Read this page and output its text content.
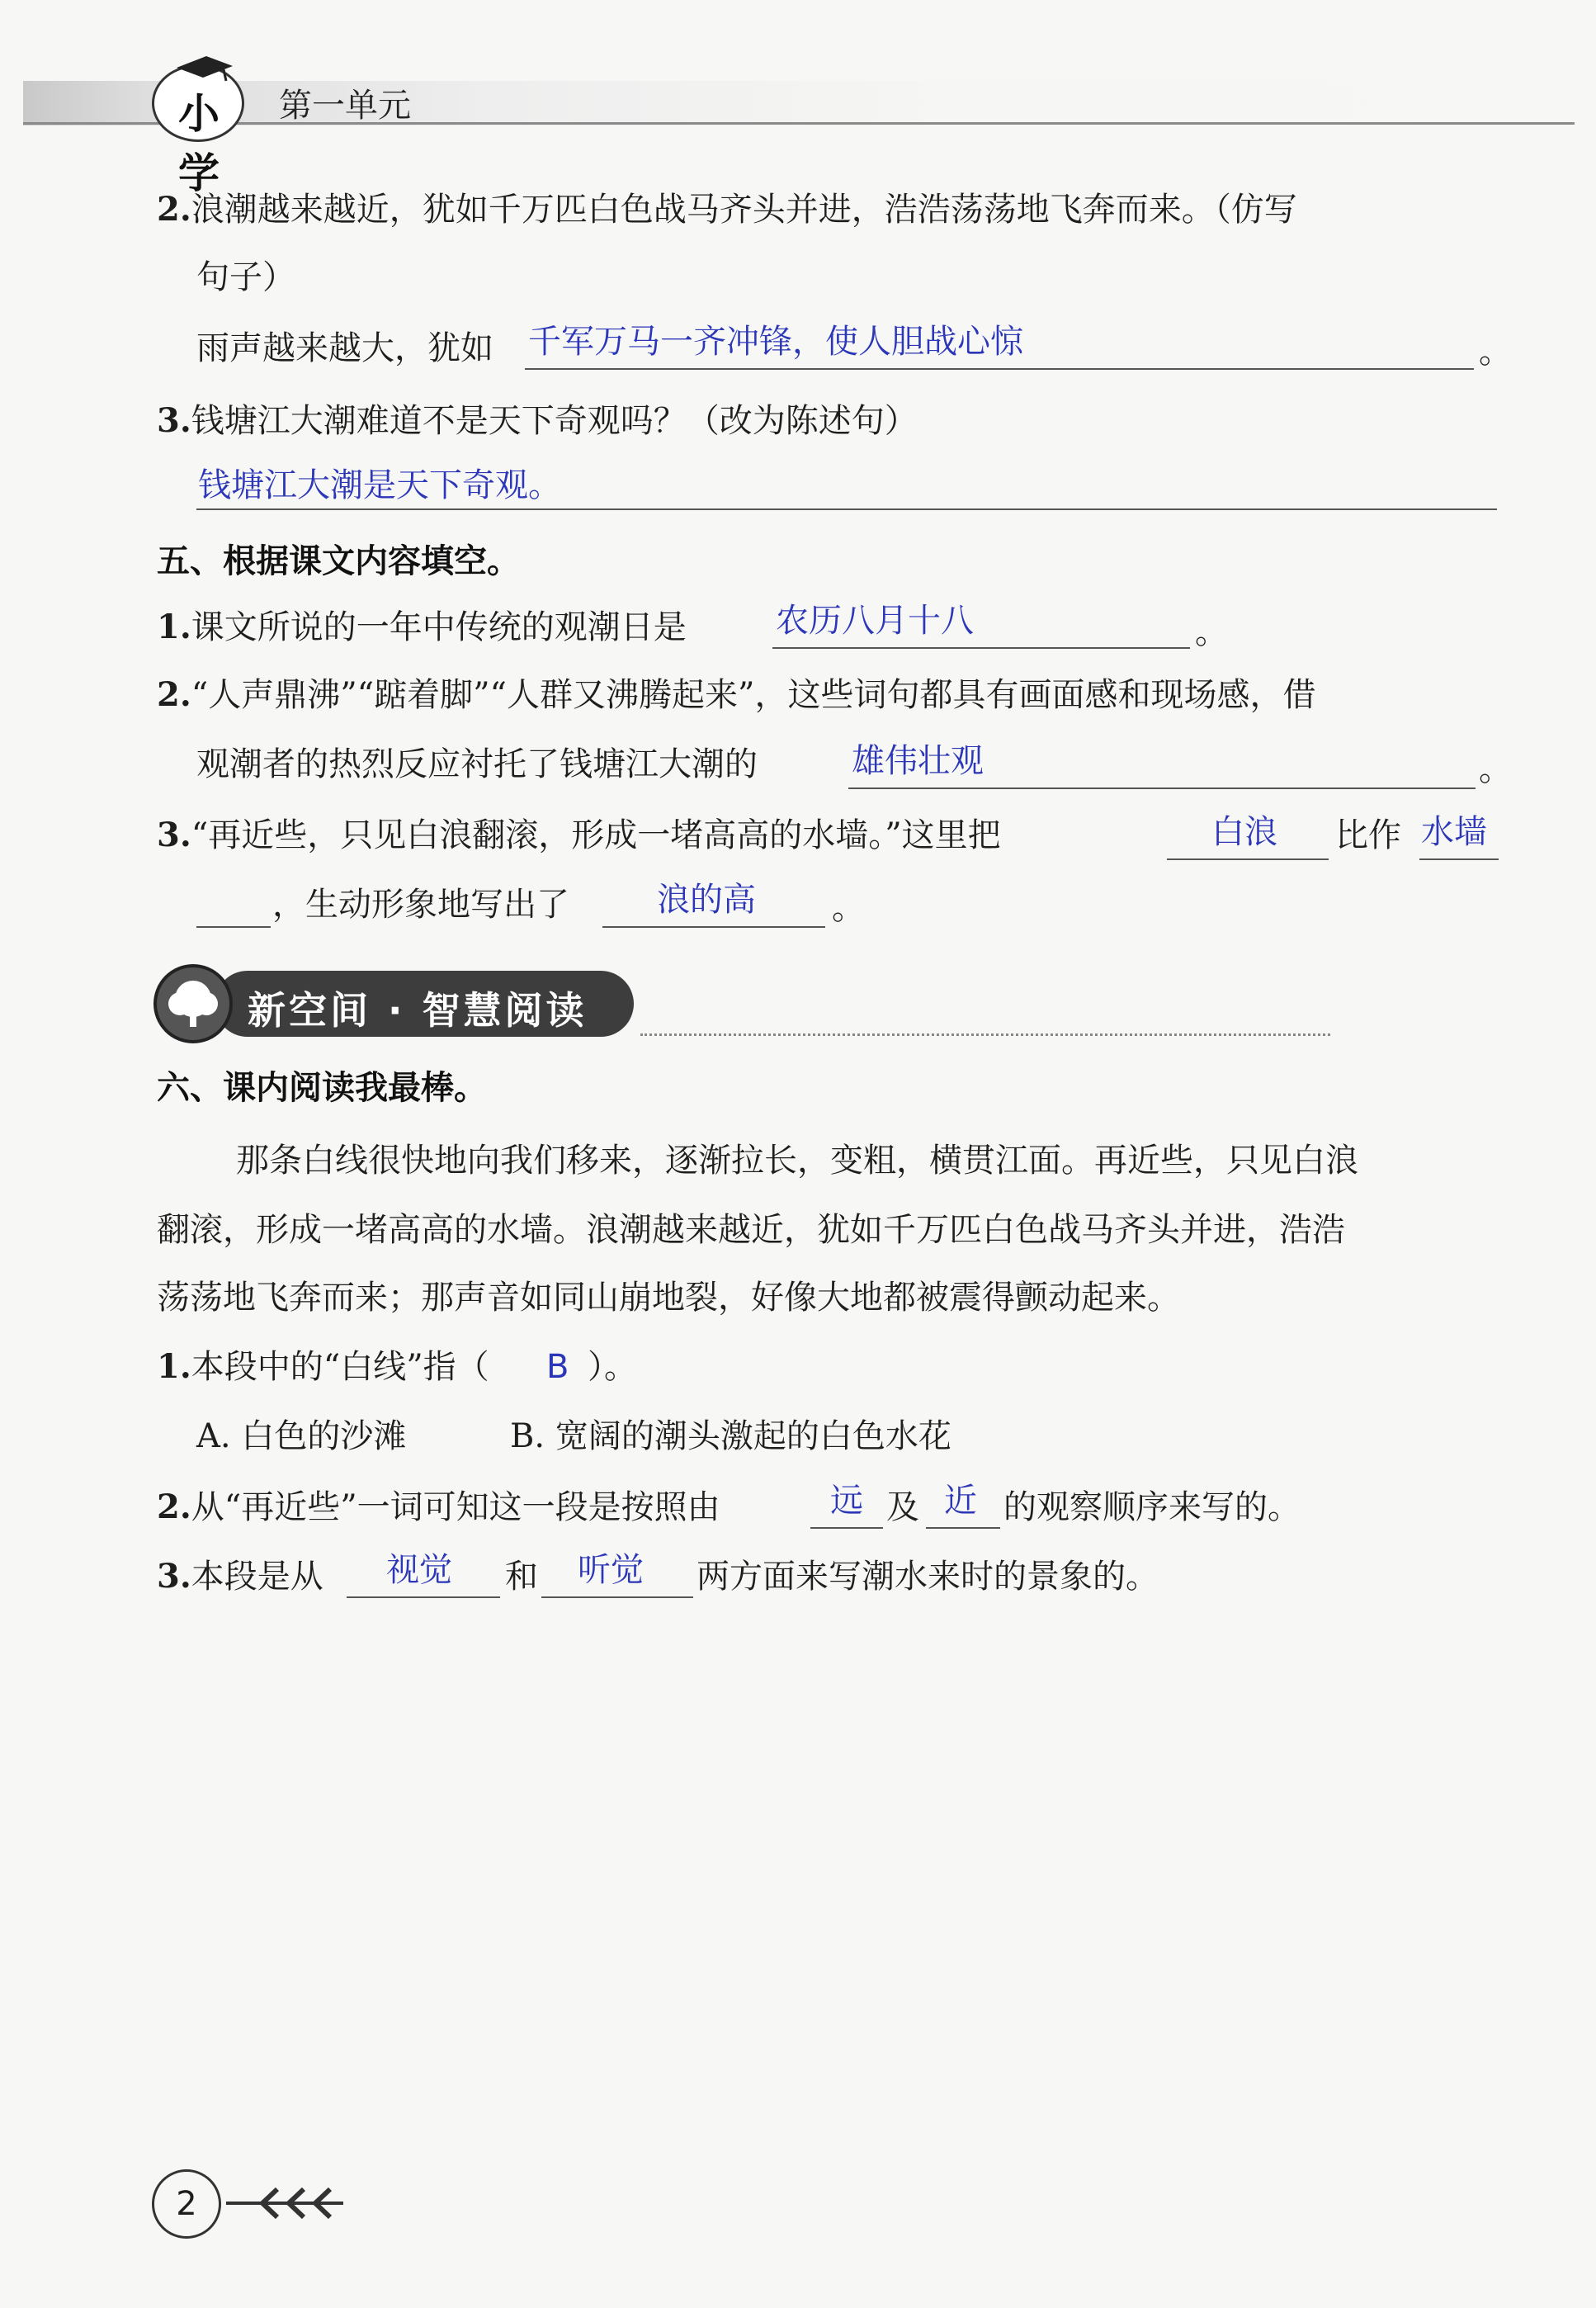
小学
第一单元
2.浪潮越来越近，犹如千万匹白色战马齐头并进，浩浩荡荡地飞奔而来。（仿写
句子）
雨声越来越大，犹如 千军万马一齐冲锋，使人胆战心惊	。
3.钱塘江大潮难道不是天下奇观吗？（改为陈述句）
钱塘江大潮是天下奇观。
五、根据课文内容填空。
1.课文所说的一年中传统的观潮日是	农历八月十八	。
2.“人声鼎沸”“踮着脚”“人群又沸腾起来”，这些词句都具有画面感和现场感，借
观潮者的热烈反应衬托了钱塘江大潮的	雄伟壮观	。
3.“再近些，只见白浪翻滚，形成一堵高高的水墙。”这里把	白浪 比作 水墙
，生动形象地写出了	浪的高 。
新空间 · 智慧阅读
六、课内阅读我最棒。
那条白线很快地向我们移来，逐渐拉长，变粗，横贯江面。再近些，只见白浪
翻滚，形成一堵高高的水墙。浪潮越来越近，犹如千万匹白色战马齐头并进，浩浩
荡荡地飞奔而来；那声音如同山崩地裂，好像大地都被震得颤动起来。
1.本段中的“白线”指（ B ）。
A. 白色的沙滩	B. 宽阔的潮头激起的白色水花
2.从“再近些”一词可知这一段是按照由	远 及 近 的观察顺序来写的。
3.本段是从 视觉 和 听觉 两方面来写潮水来时的景象的。
2
